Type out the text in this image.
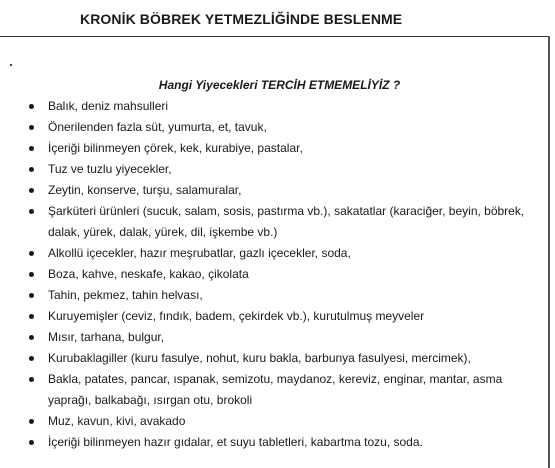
KRONİK BÖBREK YETMEZLİĞİNDE BESLENME
Hangi Yiyecekleri TERCİH ETMEMELİYİZ ?
Balık, deniz mahsulleri
Önerilenden fazla süt, yumurta, et, tavuk,
İçeriği bilinmeyen çörek, kek, kurabiye, pastalar,
Tuz ve tuzlu yiyecekler,
Zeytin, konserve, turşu, salamuralar,
Şarküteri ürünleri (sucuk, salam, sosis, pastırma vb.), sakatatlar (karaciğer, beyin, böbrek, dalak, yürek, dalak, yürek, dil, işkembe vb.)
Alkollü içecekler, hazır meşrubatlar, gazlı içecekler, soda,
Boza, kahve, neskafe, kakao, çikolata
Tahin, pekmez, tahin helvası,
Kuruyemişler (ceviz, fındık, badem, çekirdek vb.), kurutulmuş meyveler
Mısır, tarhana, bulgur,
Kurubaklagiller (kuru fasulye, nohut, kuru bakla, barbunya fasulyesi, mercimek),
Bakla, patates, pancar, ıspanak, semizotu, maydanoz, kereviz, enginar, mantar, asma yaprağı, balkabağı, ısırgan otu, brokoli
Muz, kavun, kivi, avakado
İçeriği bilinmeyen hazır gıdalar, et suyu tabletleri, kabartma tozu, soda.
